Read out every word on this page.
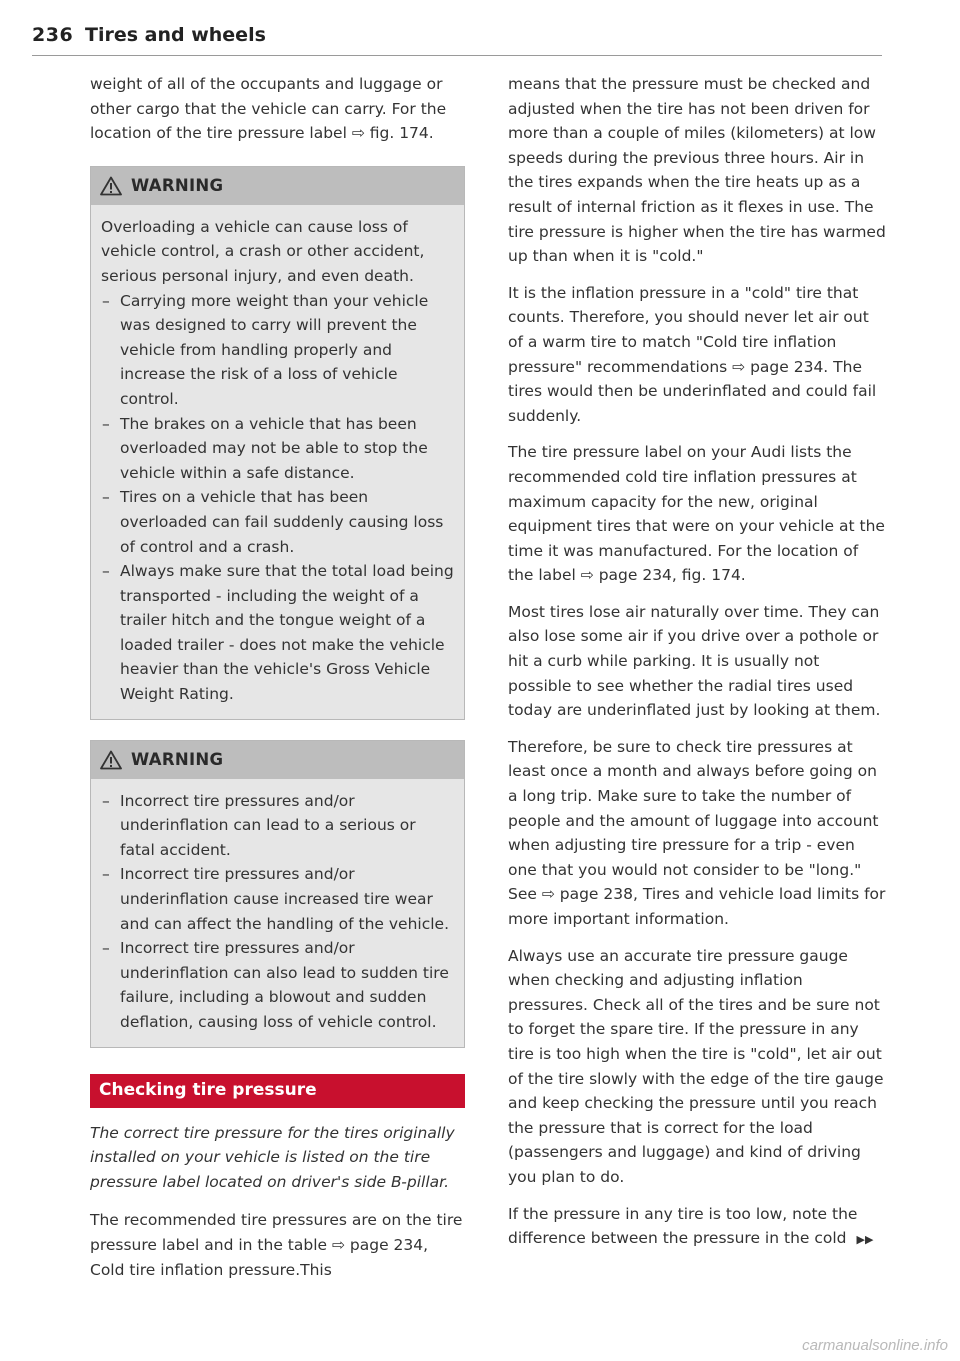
236 Tires and wheels

weight of all of the occupants and luggage or other cargo that the vehicle can carry. For the location of the tire pressure label ⇨ fig. 174.

WARNING

Overloading a vehicle can cause loss of vehicle control, a crash or other accident, serious personal injury, and even death.

– Carrying more weight than your vehicle was designed to carry will prevent the vehicle from handling properly and increase the risk of a loss of vehicle control.
– The brakes on a vehicle that has been overloaded may not be able to stop the vehicle within a safe distance.
– Tires on a vehicle that has been overloaded can fail suddenly causing loss of control and a crash.
– Always make sure that the total load being transported - including the weight of a trailer hitch and the tongue weight of a loaded trailer - does not make the vehicle heavier than the vehicle's Gross Vehicle Weight Rating.
WARNING
– Incorrect tire pressures and/or underinflation can lead to a serious or fatal accident.
– Incorrect tire pressures and/or underinflation cause increased tire wear and can affect the handling of the vehicle.
– Incorrect tire pressures and/or underinflation can also lead to sudden tire failure, including a blowout and sudden deflation, causing loss of vehicle control.
Checking tire pressure

The correct tire pressure for the tires originally installed on your vehicle is listed on the tire pressure label located on driver's side B-pillar.

The recommended tire pressures are on the tire pressure label and in the table ⇨ page 234, Cold tire inflation pressure.This

means that the pressure must be checked and adjusted when the tire has not been driven for more than a couple of miles (kilometers) at low speeds during the previous three hours. Air in the tires expands when the tire heats up as a result of internal friction as it flexes in use. The tire pressure is higher when the tire has warmed up than when it is "cold."

It is the inflation pressure in a "cold" tire that counts. Therefore, you should never let air out of a warm tire to match "Cold tire inflation pressure" recommendations ⇨ page 234. The tires would then be underinflated and could fail suddenly.

The tire pressure label on your Audi lists the recommended cold tire inflation pressures at maximum capacity for the new, original equipment tires that were on your vehicle at the time it was manufactured. For the location of the label ⇨ page 234, fig. 174.

Most tires lose air naturally over time. They can also lose some air if you drive over a pothole or hit a curb while parking. It is usually not possible to see whether the radial tires used today are underinflated just by looking at them.

Therefore, be sure to check tire pressures at least once a month and always before going on a long trip. Make sure to take the number of people and the amount of luggage into account when adjusting tire pressure for a trip - even one that you would not consider to be "long." See ⇨ page 238, Tires and vehicle load limits for more important information.

Always use an accurate tire pressure gauge when checking and adjusting inflation pressures. Check all of the tires and be sure not to forget the spare tire. If the pressure in any tire is too high when the tire is "cold", let air out of the tire slowly with the edge of the tire gauge and keep checking the pressure until you reach the pressure that is correct for the load (passengers and luggage) and kind of driving you plan to do.

If the pressure in any tire is too low, note the difference between the pressure in the cold ▶▶

carmanualsonline.info
